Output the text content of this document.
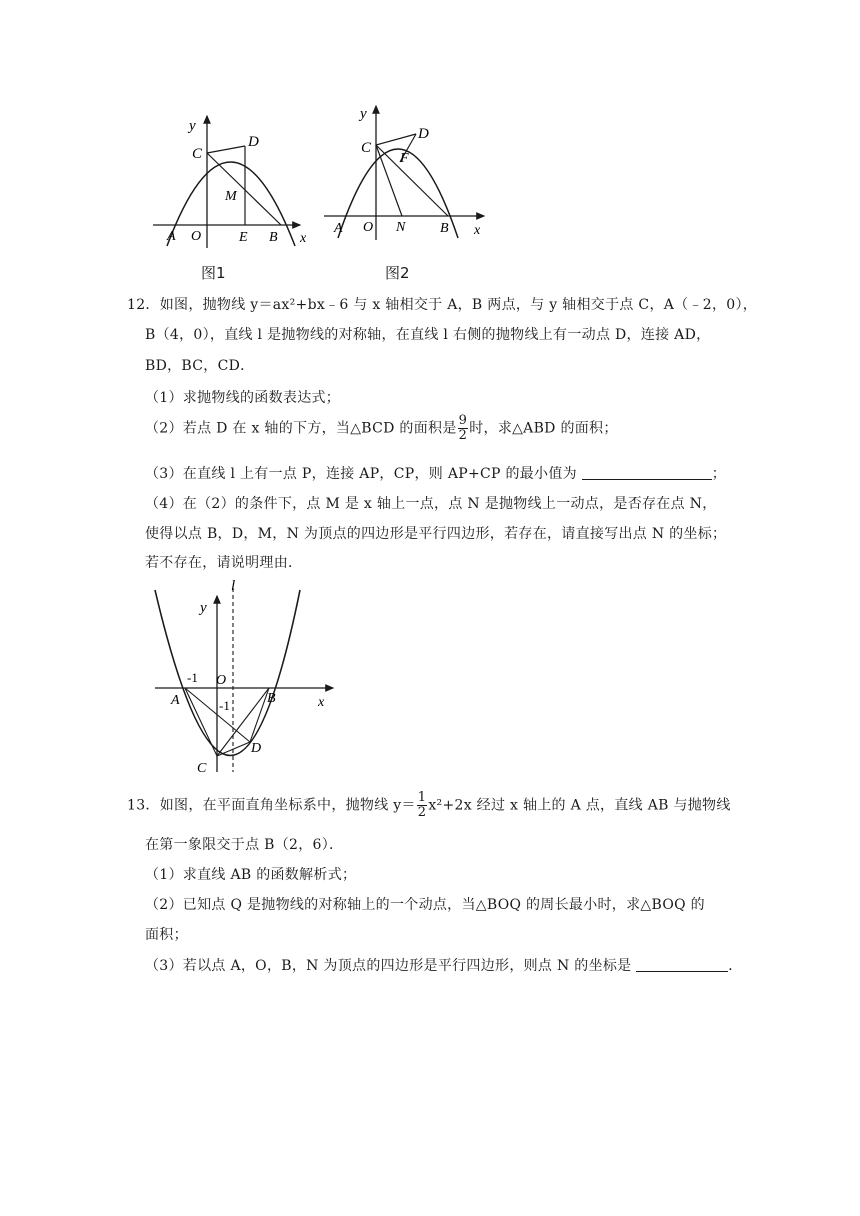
y
C
D
M
A O	E B x
图1
y
C
D
F
A O N B x
图2
12．如图，抛物线 y＝ax²+bx﹣6 与 x 轴相交于 A，B 两点，与 y 轴相交于点 C，A（﹣2，0），
B（4，0），直线 l 是抛物线的对称轴，在直线 l 右侧的抛物线上有一动点 D，连接 AD，
BD，BC，CD．
（1）求抛物线的函数表达式；
（2）若点 D 在 x 轴的下方，当△BCD 的面积是 $\frac{9}{2}$ 时，求△ABD 的面积；
（3）在直线 l 上有一点 P，连接 AP，CP，则 AP+CP 的最小值为	；
（4）在（2）的条件下，点 M 是 x 轴上一点，点 N 是抛物线上一动点，是否存在点 N，
使得以点 B，D，M，N 为顶点的四边形是平行四边形，若存在，请直接写出点 N 的坐标；
若不存在，请说明理由．
l
y
-1 O
A	-1	B	x
D
C
13．如图，在平面直角坐标系中，抛物线 $y= \frac{1}{2} x^2+2x$ 经过 x 轴上的 A 点，直线 AB 与抛物线
在第一象限交于点 B（2，6）．
（1）求直线 AB 的函数解析式；
（2）已知点 Q 是抛物线的对称轴上的一个动点，当△BOQ 的周长最小时，求△BOQ 的
面积；
（3）若以点 A，O，B，N 为顶点的四边形是平行四边形，则点 N 的坐标是	．
